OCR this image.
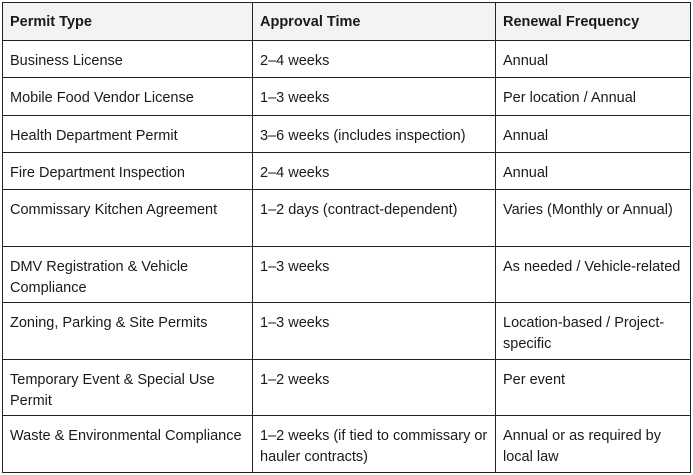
Permit Type	Approval Time	Renewal Frequency
Business License	2–4 weeks	Annual
Mobile Food Vendor License	1–3 weeks	Per location / Annual
Health Department Permit	3–6 weeks (includes inspection)	Annual
Fire Department Inspection	2–4 weeks	Annual
Commissary Kitchen Agreement	1–2 days (contract-dependent)	Varies (Monthly or Annual)
DMV Registration & Vehicle Compliance	1–3 weeks	As needed / Vehicle-related
Zoning, Parking & Site Permits	1–3 weeks	Location-based / Project-specific
Temporary Event & Special Use Permit	1–2 weeks	Per event
Waste & Environmental Compliance	1–2 weeks (if tied to commissary or hauler contracts)	Annual or as required by local law
